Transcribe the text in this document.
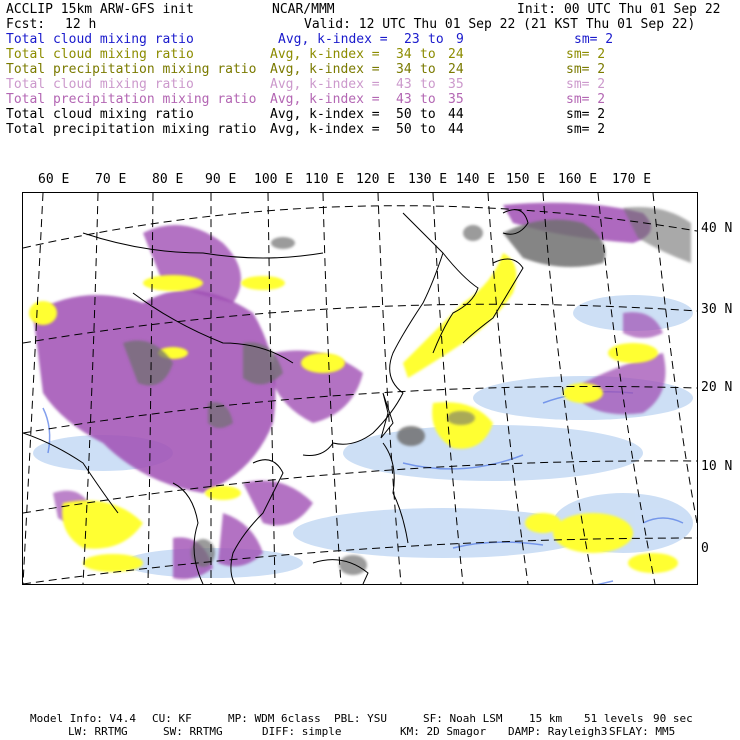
ACCLIP 15km ARW-GFS init	NCAR/MMM	Init: 00 UTC Thu 01 Sep 22
Fcst: 12 h	Valid: 12 UTC Thu 01 Sep 22 (21 KST Thu 01 Sep 22)
Total cloud mixing ratio	Avg, k-index = 23 to 9	sm= 2
Total cloud mixing ratio	Avg, k-index = 34 to 24	sm= 2
Total precipitation mixing ratio Avg, k-index = 34 to 24	sm= 2
Total cloud mixing ratio	Avg, k-index = 43 to 35	sm= 2
Total precipitation mixing ratio Avg, k-index = 43 to 35	sm= 2
Total cloud mixing ratio	Avg, k-index = 50 to 44	sm= 2
Total precipitation mixing ratio Avg, k-index = 50 to 44	sm= 2
60 E 70 E 80 E 90 E 100 E 110 E 120 E 130 E 140 E 150 E 160 E 170 E
40 N
30 N
20 N
10 N
0
Model Info: V4.4 CU: KF	MP: WDM 6class PBL: YSU	SF: Noah LSM 15 km 51 levels 90 sec
LW: RRTMG	SW: RRTMG	DIFF: simple	KM: 2D Smagor DAMP: Rayleigh3 SFLAY: MM5
